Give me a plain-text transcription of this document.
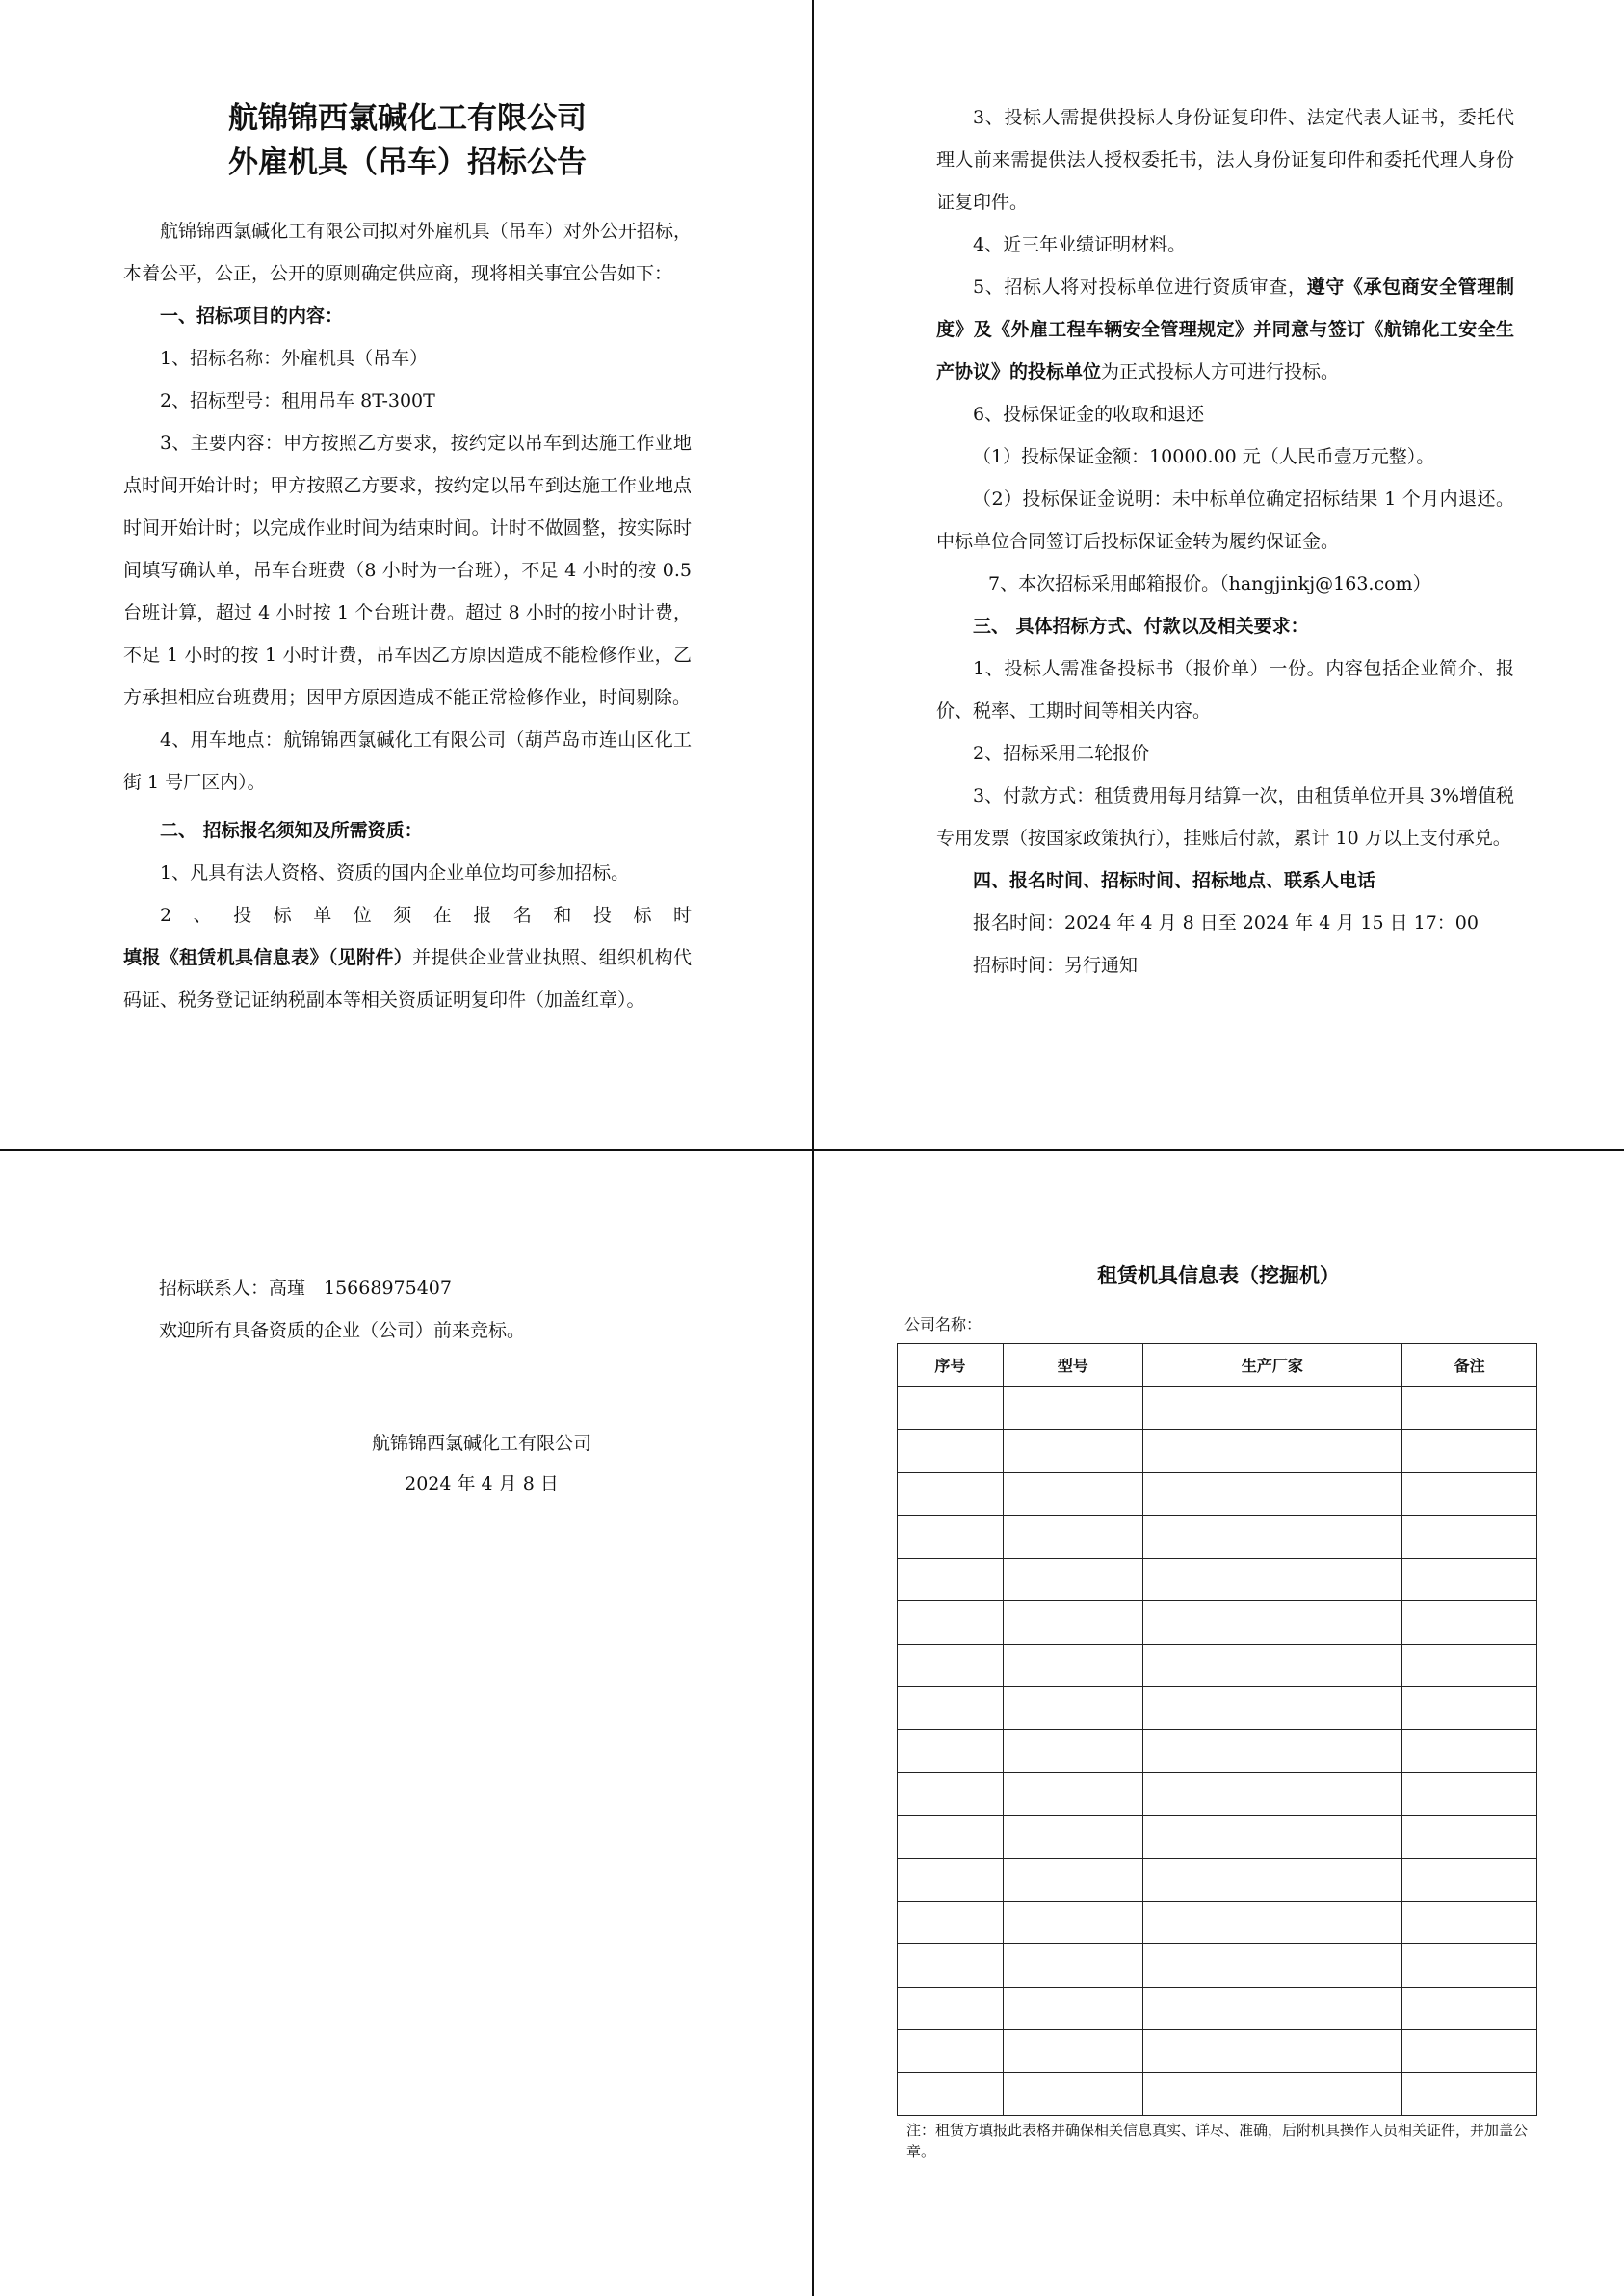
航锦锦西氯碱化工有限公司
外雇机具（吊车）招标公告

航锦锦西氯碱化工有限公司拟对外雇机具（吊车）对外公开招标，本着公平，公正，公开的原则确定供应商，现将相关事宜公告如下：

一、招标项目的内容：

1、招标名称：外雇机具（吊车）

2、招标型号：租用吊车 8T-300T

3、主要内容：甲方按照乙方要求，按约定以吊车到达施工作业地点时间开始计时；甲方按照乙方要求，按约定以吊车到达施工作业地点时间开始计时；以完成作业时间为结束时间。计时不做圆整，按实际时间填写确认单，吊车台班费（8 小时为一台班），不足 4 小时的按 0.5 台班计算，超过 4 小时按 1 个台班计费。超过 8 小时的按小时计费，不足 1 小时的按 1 小时计费，吊车因乙方原因造成不能检修作业，乙方承担相应台班费用；因甲方原因造成不能正常检修作业，时间剔除。

4、用车地点：航锦锦西氯碱化工有限公司（葫芦岛市连山区化工街 1 号厂区内）。

二、 招标报名须知及所需资质：

1、凡具有法人资格、资质的国内企业单位均可参加招标。

2、投标单位须在报名和投标时填报《租赁机具信息表》（见附件）并提供企业营业执照、组织机构代码证、税务登记证纳税副本等相关资质证明复印件（加盖红章）。

3、投标人需提供投标人身份证复印件、法定代表人证书，委托代理人前来需提供法人授权委托书，法人身份证复印件和委托代理人身份证复印件。

4、近三年业绩证明材料。

5、招标人将对投标单位进行资质审查，遵守《承包商安全管理制度》及《外雇工程车辆安全管理规定》并同意与签订《航锦化工安全生产协议》的投标单位为正式投标人方可进行投标。

6、投标保证金的收取和退还

（1）投标保证金额：10000.00 元（人民币壹万元整）。

（2）投标保证金说明：未中标单位确定招标结果 1 个月内退还。中标单位合同签订后投标保证金转为履约保证金。

7、本次招标采用邮箱报价。（hangjinkj@163.com）

三、 具体招标方式、付款以及相关要求：

1、投标人需准备投标书（报价单）一份。内容包括企业简介、报价、税率、工期时间等相关内容。

2、招标采用二轮报价

3、付款方式：租赁费用每月结算一次，由租赁单位开具 3%增值税专用发票（按国家政策执行），挂账后付款，累计 10 万以上支付承兑。

四、报名时间、招标时间、招标地点、联系人电话

报名时间：2024 年 4 月 8 日至 2024 年 4 月 15 日 17：00

招标时间：另行通知

招标联系人：高瑾　15668975407

欢迎所有具备资质的企业（公司）前来竞标。

航锦锦西氯碱化工有限公司
2024 年 4 月 8 日
租赁机具信息表（挖掘机）
公司名称：
序号	型号	生产厂家	备注

注：租赁方填报此表格并确保相关信息真实、详尽、准确，后附机具操作人员相关证件，并加盖公章。
